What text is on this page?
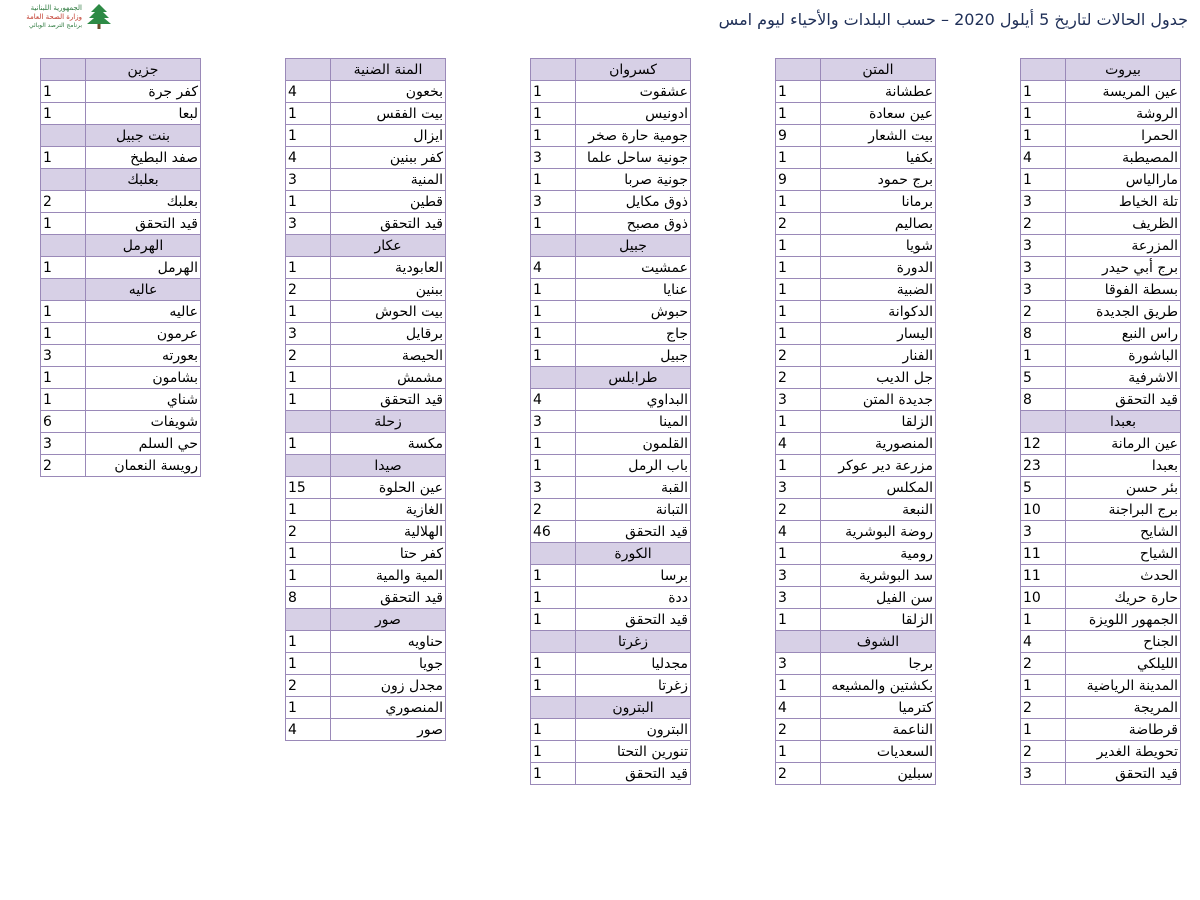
الجمهورية اللبنانية
وزارة الصحة العامة
برنامج الترصد الوبائي	جدول الحالات لتاريخ 5 أيلول 2020 – حسب البلدات والأحياء ليوم امس
بيروت	
عين المريسة	1
الروشة	1
الحمرا	1
المصيطبة	4
مارالياس	1
تلة الخياط	3
الظريف	2
المزرعة	3
برج أبي حيدر	3
بسطة الفوقا	3
طريق الجديدة	2
راس النبع	8
الباشورة	1
الاشرفية	5
قيد التحقق	8
بعبدا	
عين الرمانة	12
بعبدا	23
بئر حسن	5
برج البراجنة	10
الشايح	3
الشياح	11
الحدث	11
حارة حريك	10
الجمهور اللويزة	1
الجناح	4
الليلكي	2
المدينة الرياضية	1
المريجة	2
قرطاضة	1
تحويطة الغدير	2
قيد التحقق	3
المتن	
عطشانة	1
عين سعادة	1
بيت الشعار	9
بكفيا	1
برج حمود	9
برمانا	1
بصاليم	2
شويا	1
الدورة	1
الضبية	1
الدكوانة	1
اليسار	1
الفنار	2
جل الديب	2
جديدة المتن	3
الزلقا	1
المنصورية	4
مزرعة دير عوكر	1
المكلس	3
النبعة	2
روضة البوشرية	4
رومية	1
سد البوشرية	3
سن الفيل	3
الزلقا	1
الشوف	
برجا	3
بكشتين والمشيعه	1
كترميا	4
الناعمة	2
السعديات	1
سبلين	2
كسروان	
عشقوت	1
ادونيس	1
جومية حارة صخر	1
جونية ساحل علما	3
جونية صربا	1
ذوق مكايل	3
ذوق مصبح	1
جبيل	
عمشيت	4
عنايا	1
حبوش	1
جاج	1
جبيل	1
طرابلس	
البداوي	4
المينا	3
القلمون	1
باب الرمل	1
القبة	3
التبانة	2
قيد التحقق	46
الكورة	
برسا	1
ددة	1
قيد التحقق	1
زغرتا	
مجدليا	1
زغرتا	1
البترون	
البترون	1
تنورين التحتا	1
قيد التحقق	1
المنة الضنية	
بخعون	4
بيت الفقس	1
ايزال	1
كفر ببنين	4
المنية	3
قطين	1
قيد التحقق	3
عكار	
العابودية	1
ببنين	2
بيت الحوش	1
برقايل	3
الحيصة	2
مشمش	1
قيد التحقق	1
زحلة	
مكسة	1
صيدا	
عين الحلوة	15
الغازية	1
الهلالية	2
كفر حتا	1
المية والمية	1
قيد التحقق	8
صور	
حناويه	1
جويا	1
مجدل زون	2
المنصوري	1
صور	4
جزين	
كفر جرة	1
لبعا	1
بنت جبيل	
صفد البطيخ	1
بعلبك	
بعلبك	2
قيد التحقق	1
الهرمل	
الهرمل	1
عاليه	
عاليه	1
عرمون	1
بعورته	3
بشامون	1
شناي	1
شويفات	6
حي السلم	3
رويسة النعمان	2
